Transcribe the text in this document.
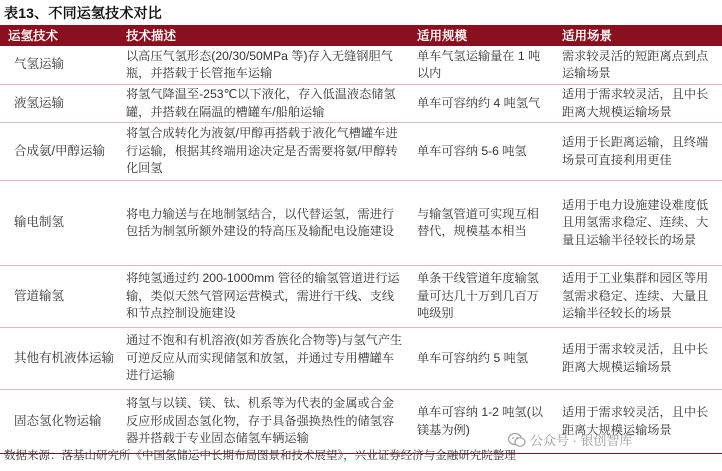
表13、不同运氢技术对比
运氢技术	技术描述	适用规模	适用场景
气氢运输	以高压气氢形态(20/30/50MPa 等)存入无缝钢胆气瓶，并搭载于长管拖车运输	单车气氢运输量在 1 吨以内	需求较灵活的短距离点到点运输场景
液氢运输	将氢气降温至-253℃以下液化，存入低温液态储氢罐，并搭载在隔温的槽罐车/船舶运输	单车可容纳约 4 吨氢气	适用于需求较灵活，且中长距离大规模运输场景
合成氨/甲醇运输	将氢合成转化为液氨/甲醇再搭载于液化气槽罐车进行运输，根据其终端用途决定是否需要将氨/甲醇转化回氢	单车可容纳 5-6 吨氢	适用于长距离运输，且终端场景可直接利用更佳
输电制氢	将电力输送与在地制氢结合，以代替运氢，需进行包括为制氢所额外建设的特高压及输配电设施建设	与输氢管道可实现互相替代，规模基本相当	适用于电力设施建设难度低且用氢需求稳定、连续、大量且运输半径较长的场景
管道输氢	将纯氢通过约 200-1000mm 管径的输氢管道进行运输，类似天然气管网运营模式，需进行干线、支线和节点控制设施建设	单条干线管道年度输氢量可达几十万到几百万吨级别	适用于工业集群和园区等用氢需求稳定、连续、大量且运输半径较长的场景
其他有机液体运输	通过不饱和有机溶液(如芳香族化合物等)与氢气产生可逆反应从而实现储氢和放氢，并通过专用槽罐车进行运输	单车可容纳约 5 吨氢	适用于需求较灵活，且中长距离大规模运输场景
固态氢化物运输	将氢与以镁、镁、钛、机系等为代表的金属或合金反应形成固态氢化物，存于具备强换热性的储氢容器并搭载于专业固态储氢车辆运输	单车可容纳 1-2 吨氢(以镁基为例)	适用于需求较灵活，且中长距离大规模运输场景
公众号 · 银创智库
数据来源：落基山研究所《中国氢储运中长期布局图景和技术展望》，兴业证券经济与金融研究院整理
